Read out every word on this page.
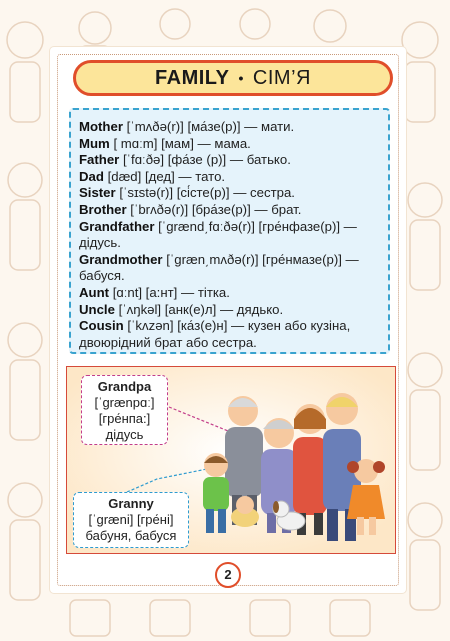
FAMILY • СІМ’Я

Mother [ˈmʌðə(r)] [ма́зе(р)] — мати.

Mum [ mɑːm] [мам] — мама.

Father [ˈfɑːðə] [фа́зе (р)] — батько.

Dad [dæd] [дед] — тато.

Sister [ˈsɪstə(r)] [сі́сте(р)] — сестра.

Brother [ˈbrʌðə(r)] [бра́зе(р)] — брат.

Grandfather [ˈɡrænd͵fɑːðə(r)] [гре́нфазе(р)] — дідусь.

Grandmother [ˈɡræn͵mʌðə(r)] [гре́нмазе(р)] — бабуся.

Aunt [ɑːnt] [а:нт] — тітка.

Uncle [ˈʌŋkəl] [анк(е)л] — дядько.

Cousin [ˈkʌzən] [ка́з(е)н] — кузен або кузіна, двоюрідний брат або сестра.

Grandpa
[ˈɡrænpɑː]
[гре́нпа:]
дідусь
Granny
[ˈɡræni] [гре́ні]
бабуня, бабуся
2
